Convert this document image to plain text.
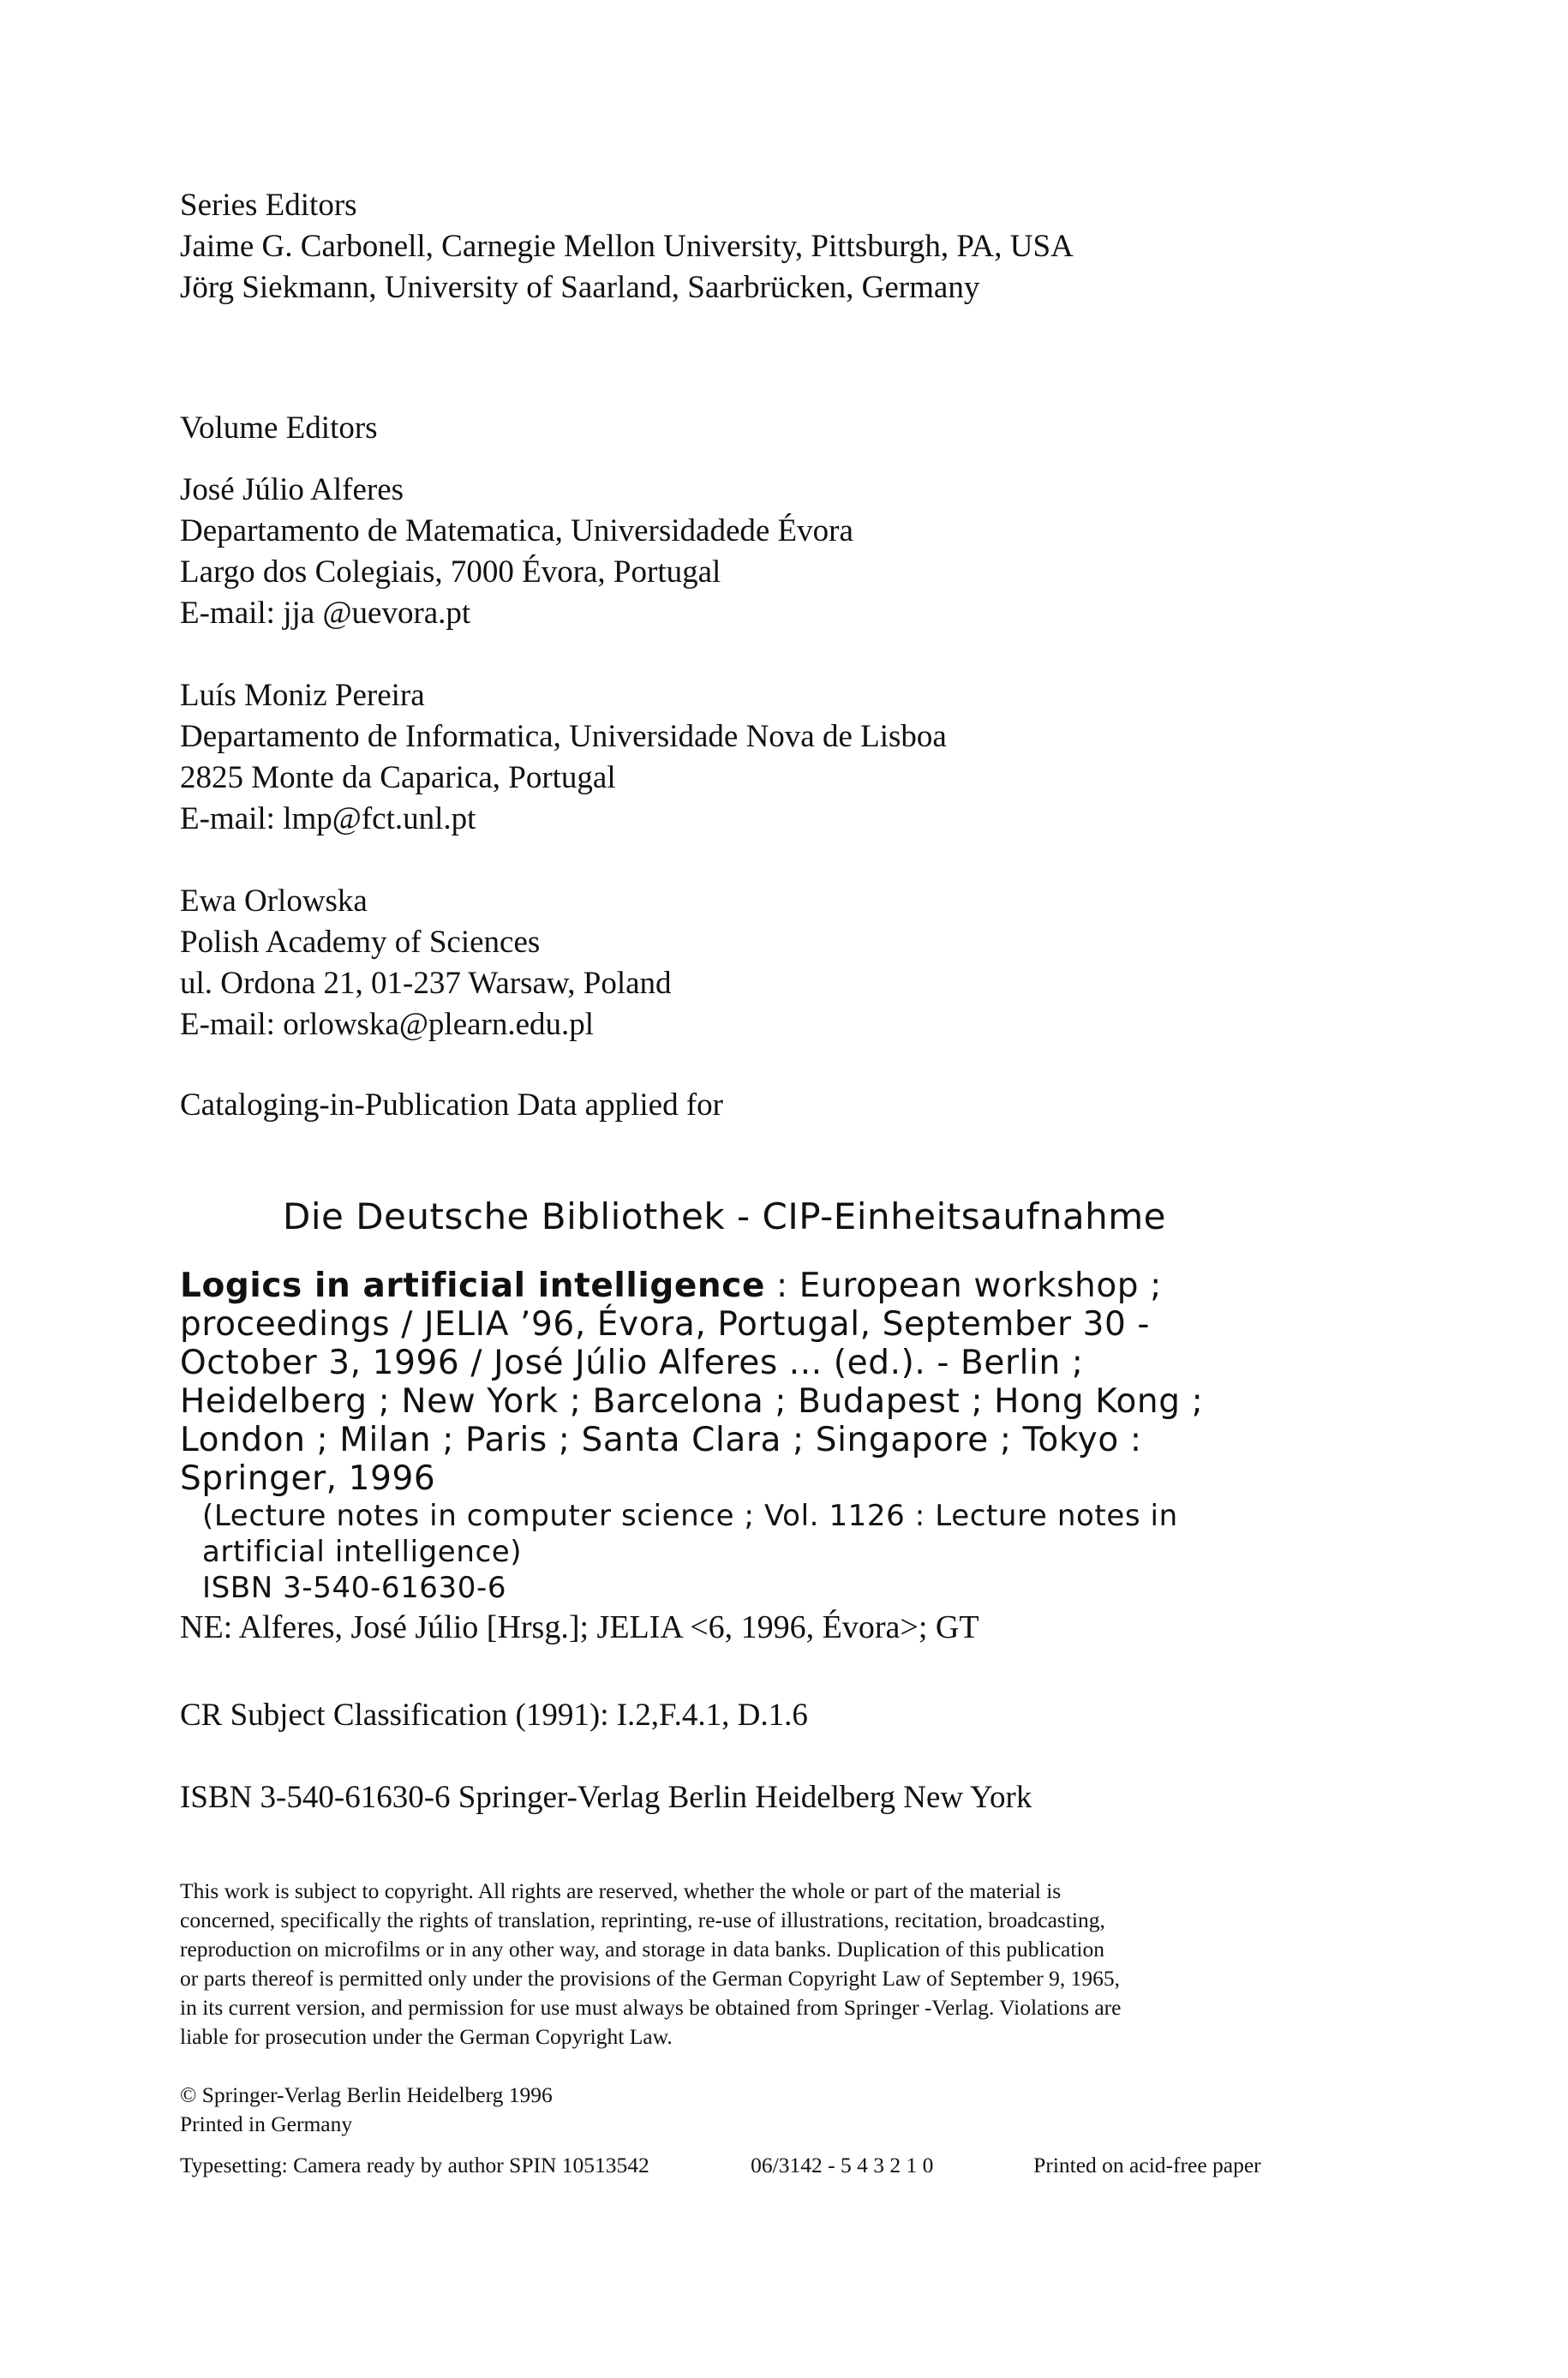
Series Editors
Jaime G. Carbonell, Carnegie Mellon University, Pittsburgh, PA, USA
Jörg Siekmann, University of Saarland, Saarbrücken, Germany
Volume Editors
José Júlio Alferes
Departamento de Matematica, Universidadede Évora
Largo dos Colegiais, 7000 Évora, Portugal
E-mail: jja @uevora.pt
Luís Moniz Pereira
Departamento de Informatica, Universidade Nova de Lisboa
2825 Monte da Caparica, Portugal
E-mail: lmp@fct.unl.pt
Ewa Orlowska
Polish Academy of Sciences
ul. Ordona 21, 01-237 Warsaw, Poland
E-mail: orlowska@plearn.edu.pl
Cataloging-in-Publication Data applied for
Die Deutsche Bibliothek - CIP-Einheitsaufnahme
Logics in artificial intelligence : European workshop ;
proceedings / JELIA ’96, Évora, Portugal, September 30 -
October 3, 1996 / José Júlio Alferes ... (ed.). - Berlin ;
Heidelberg ; New York ; Barcelona ; Budapest ; Hong Kong ;
London ; Milan ; Paris ; Santa Clara ; Singapore ; Tokyo :
Springer, 1996
(Lecture notes in computer science ; Vol. 1126 : Lecture notes in
artificial intelligence)
ISBN 3-540-61630-6
NE: Alferes, José Júlio [Hrsg.]; JELIA <6, 1996, Évora>; GT
CR Subject Classification (1991): I.2,F.4.1, D.1.6
ISBN 3-540-61630-6 Springer-Verlag Berlin Heidelberg New York
This work is subject to copyright. All rights are reserved, whether the whole or part of the material is
concerned, specifically the rights of translation, reprinting, re-use of illustrations, recitation, broadcasting,
reproduction on microfilms or in any other way, and storage in data banks. Duplication of this publication
or parts thereof is permitted only under the provisions of the German Copyright Law of September 9, 1965,
in its current version, and permission for use must always be obtained from Springer -Verlag. Violations are
liable for prosecution under the German Copyright Law.
© Springer-Verlag Berlin Heidelberg 1996
Printed in Germany
Typesetting: Camera ready by author SPIN 10513542	06/3142 - 5 4 3 2 1 0	Printed on acid-free paper
